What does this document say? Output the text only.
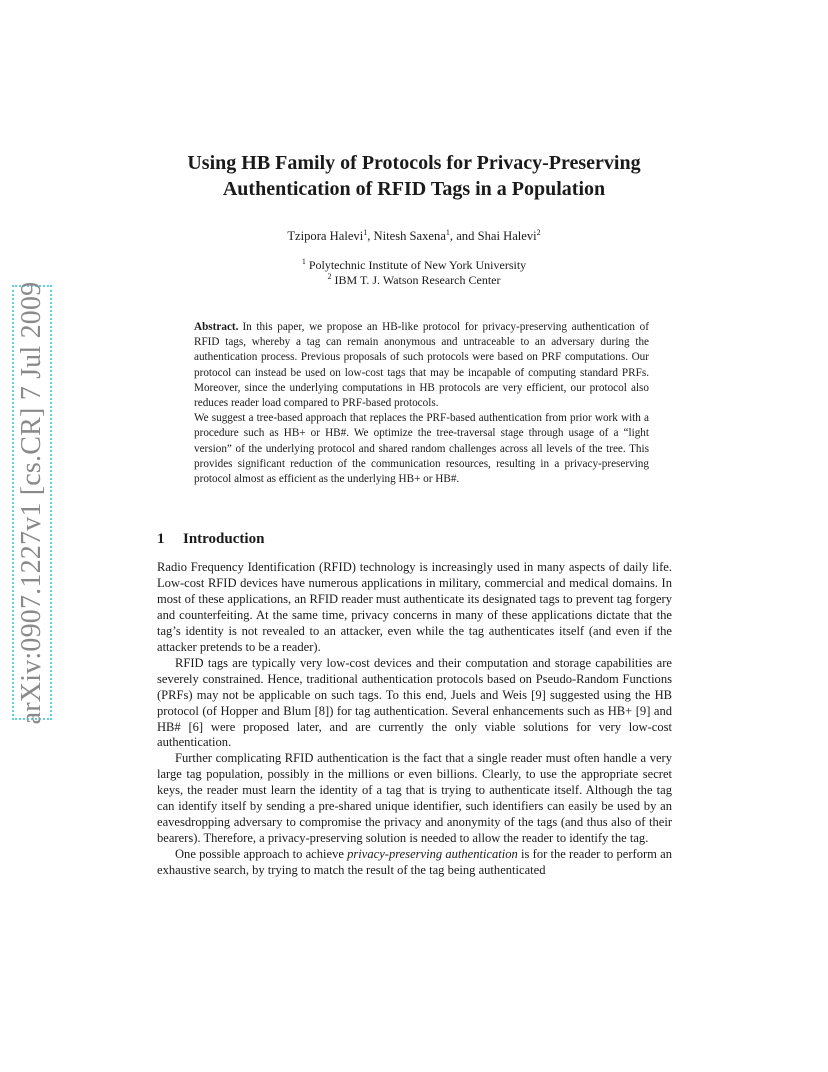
arXiv:0907.1227v1 [cs.CR] 7 Jul 2009
Using HB Family of Protocols for Privacy-Preserving
Authentication of RFID Tags in a Population
Tzipora Halevi$^1$, Nitesh Saxena$^1$, and Shai Halevi$^2$
$^1$ Polytechnic Institute of New York University
$^2$ IBM T. J. Watson Research Center

Abstract. In this paper, we propose an HB-like protocol for privacy-preserving authentication of RFID tags, whereby a tag can remain anonymous and untraceable to an adversary during the authentication process. Previous proposals of such protocols were based on PRF computations. Our protocol can instead be used on low-cost tags that may be incapable of computing standard PRFs. Moreover, since the underlying computations in HB protocols are very efficient, our protocol also reduces reader load compared to PRF-based protocols.

We suggest a tree-based approach that replaces the PRF-based authentication from prior work with a procedure such as HB+ or HB#. We optimize the tree-traversal stage through usage of a “light version” of the underlying protocol and shared random challenges across all levels of the tree. This provides significant reduction of the communication resources, resulting in a privacy-preserving protocol almost as efficient as the underlying HB+ or HB#.

1 Introduction

Radio Frequency Identification (RFID) technology is increasingly used in many aspects of daily life. Low-cost RFID devices have numerous applications in military, commercial and medical domains. In most of these applications, an RFID reader must authenticate its designated tags to prevent tag forgery and counterfeiting. At the same time, privacy concerns in many of these applications dictate that the tag’s identity is not revealed to an attacker, even while the tag authenticates itself (and even if the attacker pretends to be a reader).

RFID tags are typically very low-cost devices and their computation and storage capabilities are severely constrained. Hence, traditional authentication protocols based on Pseudo-Random Functions (PRFs) may not be applicable on such tags. To this end, Juels and Weis [9] suggested using the HB protocol (of Hopper and Blum [8]) for tag authentication. Several enhancements such as HB+ [9] and HB# [6] were proposed later, and are currently the only viable solutions for very low-cost authentication.

Further complicating RFID authentication is the fact that a single reader must often handle a very large tag population, possibly in the millions or even billions. Clearly, to use the appropriate secret keys, the reader must learn the identity of a tag that is trying to authenticate itself. Although the tag can identify itself by sending a pre-shared unique identifier, such identifiers can easily be used by an eavesdropping adversary to compromise the privacy and anonymity of the tags (and thus also of their bearers). Therefore, a privacy-preserving solution is needed to allow the reader to identify the tag.

One possible approach to achieve privacy-preserving authentication is for the reader to perform an exhaustive search, by trying to match the result of the tag being authenticated
